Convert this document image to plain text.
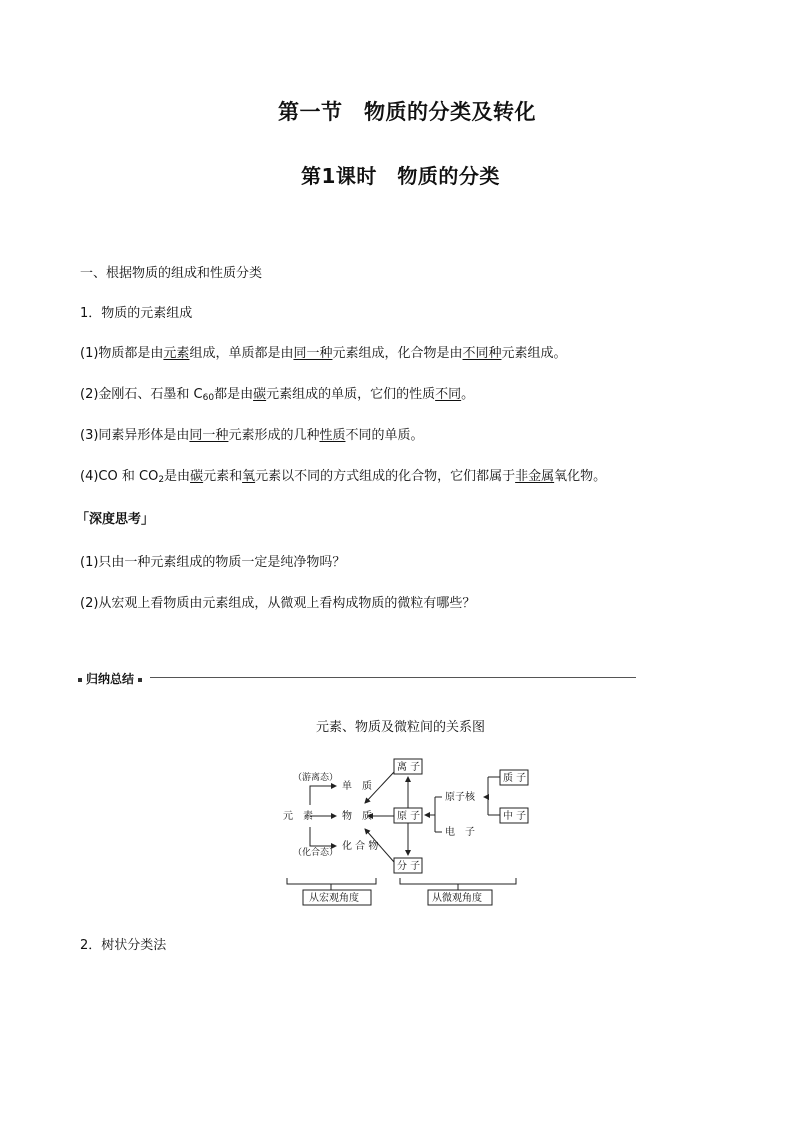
第一节　物质的分类及转化
第1课时　物质的分类
一、根据物质的组成和性质分类
1．物质的元素组成
(1)物质都是由元素组成，单质都是由同一种元素组成，化合物是由不同种元素组成。
(2)金刚石、石墨和 $C_{60}$都是由碳元素组成的单质，它们的性质不同。
(3)同素异形体是由同一种元素形成的几种性质不同的单质。
(4)CO 和 $CO_2$是由碳元素和氧元素以不同的方式组成的化合物，它们都属于非金属氧化物。
「深度思考」
(1)只由一种元素组成的物质一定是纯净物吗？
(2)从宏观上看物质由元素组成，从微观上看构成物质的微粒有哪些？
归纳总结
元素、物质及微粒间的关系图
（游离态）
（化合态）
元　素
单　质
物　质
化 合 物
离 子
原 子
分 子
原子核
电　子
质 子
中 子
从宏观角度	从微观角度
2．树状分类法
